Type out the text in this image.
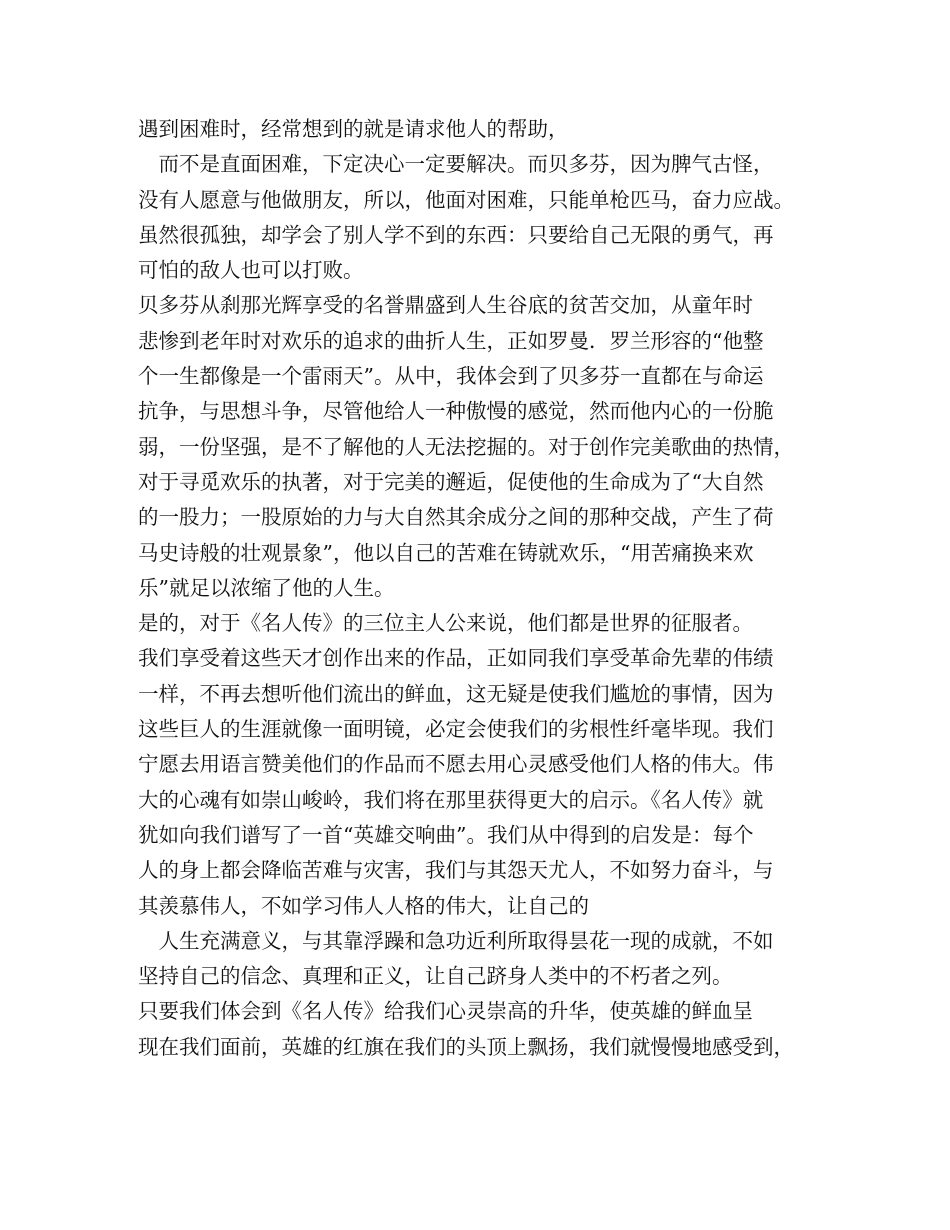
遇到困难时，经常想到的就是请求他人的帮助，
　而不是直面困难，下定决心一定要解决。而贝多芬，因为脾气古怪，
没有人愿意与他做朋友，所以，他面对困难，只能单枪匹马，奋力应战。
虽然很孤独，却学会了别人学不到的东西：只要给自己无限的勇气，再
可怕的敌人也可以打败。
贝多芬从刹那光辉享受的名誉鼎盛到人生谷底的贫苦交加，从童年时
悲惨到老年时对欢乐的追求的曲折人生，正如罗曼．罗兰形容的“他整
个一生都像是一个雷雨天”。从中，我体会到了贝多芬一直都在与命运
抗争，与思想斗争，尽管他给人一种傲慢的感觉，然而他内心的一份脆
弱，一份坚强，是不了解他的人无法挖掘的。对于创作完美歌曲的热情，
对于寻觅欢乐的执著，对于完美的邂逅，促使他的生命成为了“大自然
的一股力；一股原始的力与大自然其余成分之间的那种交战，产生了荷
马史诗般的壮观景象”，他以自己的苦难在铸就欢乐，“用苦痛换来欢
乐”就足以浓缩了他的人生。
是的，对于《名人传》的三位主人公来说，他们都是世界的征服者。
我们享受着这些天才创作出来的作品，正如同我们享受革命先辈的伟绩
一样，不再去想听他们流出的鲜血，这无疑是使我们尴尬的事情，因为
这些巨人的生涯就像一面明镜，必定会使我们的劣根性纤毫毕现。我们
宁愿去用语言赞美他们的作品而不愿去用心灵感受他们人格的伟大。伟
大的心魂有如崇山峻岭，我们将在那里获得更大的启示。《名人传》就
犹如向我们谱写了一首“英雄交响曲”。我们从中得到的启发是：每个
人的身上都会降临苦难与灾害，我们与其怨天尤人，不如努力奋斗，与
其羡慕伟人，不如学习伟人人格的伟大，让自己的
　人生充满意义，与其靠浮躁和急功近利所取得昙花一现的成就，不如
坚持自己的信念、真理和正义，让自己跻身人类中的不朽者之列。
只要我们体会到《名人传》给我们心灵崇高的升华，使英雄的鲜血呈
现在我们面前，英雄的红旗在我们的头顶上飘扬，我们就慢慢地感受到，
